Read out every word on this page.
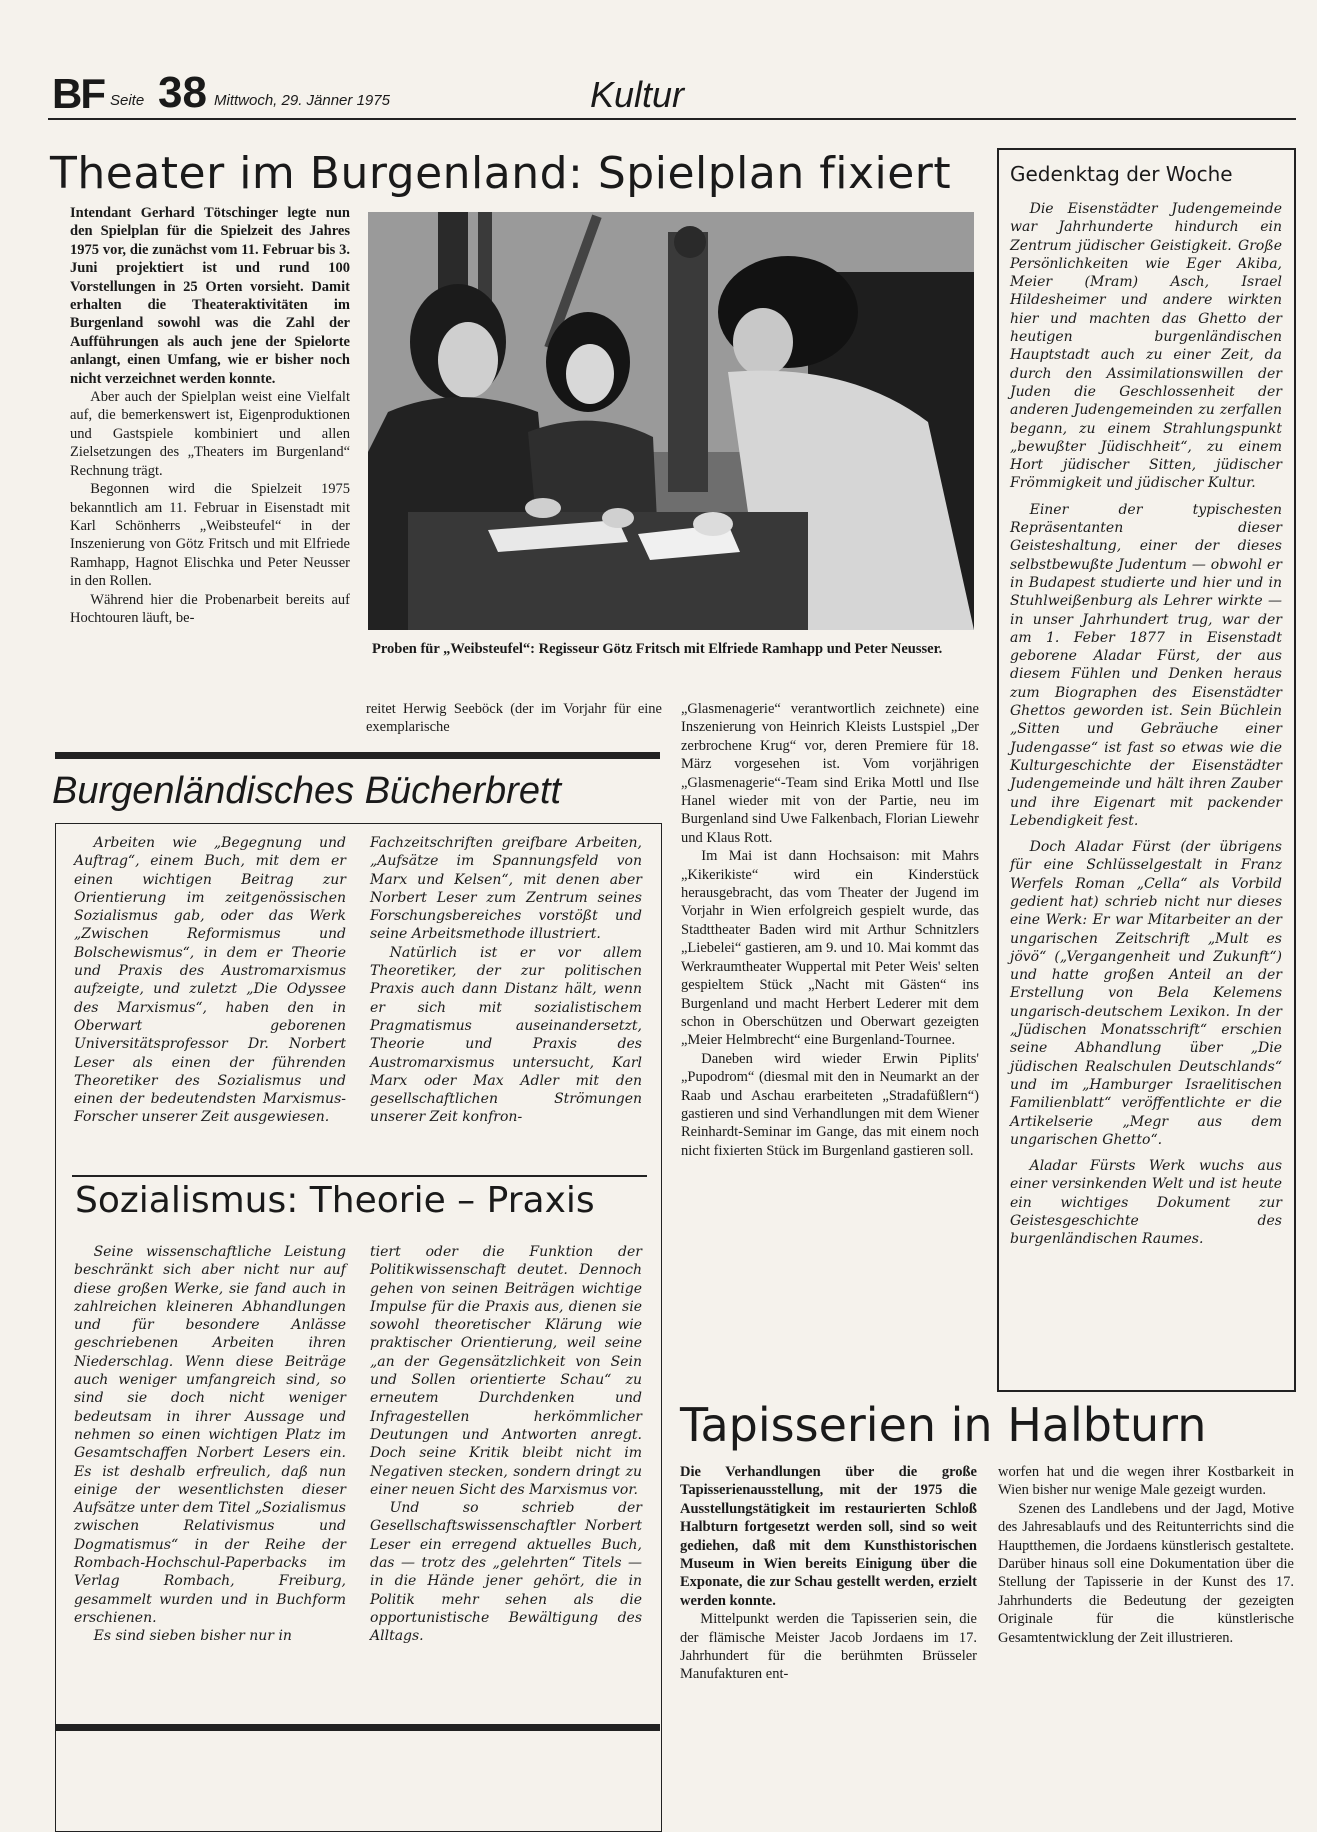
BF Seite 38 Mittwoch, 29. Jänner 1975	Kultur
Theater im Burgenland: Spielplan fixiert

Intendant Gerhard Tötschinger legte nun den Spielplan für die Spielzeit des Jahres 1975 vor, die zunächst vom 11. Februar bis 3. Juni projektiert ist und rund 100 Vorstellungen in 25 Orten vorsieht. Damit erhalten die Theateraktivitäten im Burgenland sowohl was die Zahl der Aufführungen als auch jene der Spielorte anlangt, einen Umfang, wie er bisher noch nicht verzeichnet werden konnte.

Aber auch der Spielplan weist eine Vielfalt auf, die bemerkenswert ist, Eigenproduktionen und Gastspiele kombiniert und allen Zielsetzungen des „Theaters im Burgenland“ Rechnung trägt.

Begonnen wird die Spielzeit 1975 bekanntlich am 11. Februar in Eisenstadt mit Karl Schönherrs „Weibsteufel“ in der Inszenierung von Götz Fritsch und mit Elfriede Ramhapp, Hagnot Elischka und Peter Neusser in den Rollen.

Während hier die Probenarbeit bereits auf Hochtouren läuft, be-

Proben für „Weibsteufel“: Regisseur Götz Fritsch mit Elfriede Ramhapp und Peter Neusser.

reitet Herwig Seeböck (der im Vorjahr für eine exemplarische

„Glasmenagerie“ verantwortlich zeichnete) eine Inszenierung von Heinrich Kleists Lustspiel „Der zerbrochene Krug“ vor, deren Premiere für 18. März vorgesehen ist. Vom vorjährigen „Glasmenagerie“-Team sind Erika Mottl und Ilse Hanel wieder mit von der Partie, neu im Burgenland sind Uwe Falkenbach, Florian Liewehr und Klaus Rott.

Im Mai ist dann Hochsaison: mit Mahrs „Kikerikiste“ wird ein Kinderstück herausgebracht, das vom Theater der Jugend im Vorjahr in Wien erfolgreich gespielt wurde, das Stadttheater Baden wird mit Arthur Schnitzlers „Liebelei“ gastieren, am 9. und 10. Mai kommt das Werkraumtheater Wuppertal mit Peter Weis' selten gespieltem Stück „Nacht mit Gästen“ ins Burgenland und macht Herbert Lederer mit dem schon in Oberschützen und Oberwart gezeigten „Meier Helmbrecht“ eine Burgenland-Tournee.

Daneben wird wieder Erwin Piplits' „Pupodrom“ (diesmal mit den in Neumarkt an der Raab und Aschau erarbeiteten „Stradafüßlern“) gastieren und sind Verhandlungen mit dem Wiener Reinhardt-Seminar im Gange, das mit einem noch nicht fixierten Stück im Burgenland gastieren soll.

Gedenktag der Woche

Die Eisenstädter Judengemeinde war Jahrhunderte hindurch ein Zentrum jüdischer Geistigkeit. Große Persönlichkeiten wie Eger Akiba, Meier (Mram) Asch, Israel Hildesheimer und andere wirkten hier und machten das Ghetto der heutigen burgenländischen Hauptstadt auch zu einer Zeit, da durch den Assimilationswillen der Juden die Geschlossenheit der anderen Judengemeinden zu zerfallen begann, zu einem Strahlungspunkt „bewußter Jüdischheit“, zu einem Hort jüdischer Sitten, jüdischer Frömmigkeit und jüdischer Kultur.

Einer der typischesten Repräsentanten dieser Geisteshaltung, einer der dieses selbstbewußte Judentum — obwohl er in Budapest studierte und hier und in Stuhlweißenburg als Lehrer wirkte — in unser Jahrhundert trug, war der am 1. Feber 1877 in Eisenstadt geborene Aladar Fürst, der aus diesem Fühlen und Denken heraus zum Biographen des Eisenstädter Ghettos geworden ist. Sein Büchlein „Sitten und Gebräuche einer Judengasse“ ist fast so etwas wie die Kulturgeschichte der Eisenstädter Judengemeinde und hält ihren Zauber und ihre Eigenart mit packender Lebendigkeit fest.

Doch Aladar Fürst (der übrigens für eine Schlüsselgestalt in Franz Werfels Roman „Cella“ als Vorbild gedient hat) schrieb nicht nur dieses eine Werk: Er war Mitarbeiter an der ungarischen Zeitschrift „Mult es jövö“ („Vergangenheit und Zukunft“) und hatte großen Anteil an der Erstellung von Bela Kelemens ungarisch-deutschem Lexikon. In der „Jüdischen Monatsschrift“ erschien seine Abhandlung über „Die jüdischen Realschulen Deutschlands“ und im „Hamburger Israelitischen Familienblatt“ veröffentlichte er die Artikelserie „Megr aus dem ungarischen Ghetto“.

Aladar Fürsts Werk wuchs aus einer versinkenden Welt und ist heute ein wichtiges Dokument zur Geistesgeschichte des burgenländischen Raumes.

Burgenländisches Bücherbrett

Arbeiten wie „Begegnung und Auftrag“, einem Buch, mit dem er einen wichtigen Beitrag zur Orientierung im zeitgenössischen Sozialismus gab, oder das Werk „Zwischen Reformismus und Bolschewismus“, in dem er Theorie und Praxis des Austromarxismus aufzeigte, und zuletzt „Die Odyssee des Marxismus“, haben den in Oberwart geborenen Universitätsprofessor Dr. Norbert Leser als einen der führenden Theoretiker des Sozialismus und einen der bedeutendsten Marxismus-Forscher unserer Zeit ausgewiesen.

Fachzeitschriften greifbare Arbeiten, „Aufsätze im Spannungsfeld von Marx und Kelsen“, mit denen aber Norbert Leser zum Zentrum seines Forschungsbereiches vorstößt und seine Arbeitsmethode illustriert.

Natürlich ist er vor allem Theoretiker, der zur politischen Praxis auch dann Distanz hält, wenn er sich mit sozialistischem Pragmatismus auseinandersetzt, Theorie und Praxis des Austromarxismus untersucht, Karl Marx oder Max Adler mit den gesellschaftlichen Strömungen unserer Zeit konfron-

Sozialismus: Theorie – Praxis

Seine wissenschaftliche Leistung beschränkt sich aber nicht nur auf diese großen Werke, sie fand auch in zahlreichen kleineren Abhandlungen und für besondere Anlässe geschriebenen Arbeiten ihren Niederschlag. Wenn diese Beiträge auch weniger umfangreich sind, so sind sie doch nicht weniger bedeutsam in ihrer Aussage und nehmen so einen wichtigen Platz im Gesamtschaffen Norbert Lesers ein. Es ist deshalb erfreulich, daß nun einige der wesentlichsten dieser Aufsätze unter dem Titel „Sozialismus zwischen Relativismus und Dogmatismus“ in der Reihe der Rombach-Hochschul-Paperbacks im Verlag Rombach, Freiburg, gesammelt wurden und in Buchform erschienen.

Es sind sieben bisher nur in

tiert oder die Funktion der Politikwissenschaft deutet. Dennoch gehen von seinen Beiträgen wichtige Impulse für die Praxis aus, dienen sie sowohl theoretischer Klärung wie praktischer Orientierung, weil seine „an der Gegensätzlichkeit von Sein und Sollen orientierte Schau“ zu erneutem Durchdenken und Infragestellen herkömmlicher Deutungen und Antworten anregt. Doch seine Kritik bleibt nicht im Negativen stecken, sondern dringt zu einer neuen Sicht des Marxismus vor.

Und so schrieb der Gesellschaftswissenschaftler Norbert Leser ein erregend aktuelles Buch, das — trotz des „gelehrten“ Titels — in die Hände jener gehört, die in Politik mehr sehen als die opportunistische Bewältigung des Alltags.

Tapisserien in Halbturn

Die Verhandlungen über die große Tapisserienausstellung, mit der 1975 die Ausstellungstätigkeit im restaurierten Schloß Halbturn fortgesetzt werden soll, sind so weit gediehen, daß mit dem Kunsthistorischen Museum in Wien bereits Einigung über die Exponate, die zur Schau gestellt werden, erzielt werden konnte.

Mittelpunkt werden die Tapisserien sein, die der flämische Meister Jacob Jordaens im 17. Jahrhundert für die berühmten Brüsseler Manufakturen ent-

worfen hat und die wegen ihrer Kostbarkeit in Wien bisher nur wenige Male gezeigt wurden.

Szenen des Landlebens und der Jagd, Motive des Jahresablaufs und des Reitunterrichts sind die Hauptthemen, die Jordaens künstlerisch gestaltete. Darüber hinaus soll eine Dokumentation über die Stellung der Tapisserie in der Kunst des 17. Jahrhunderts die Bedeutung der gezeigten Originale für die künstlerische Gesamtentwicklung der Zeit illustrieren.
